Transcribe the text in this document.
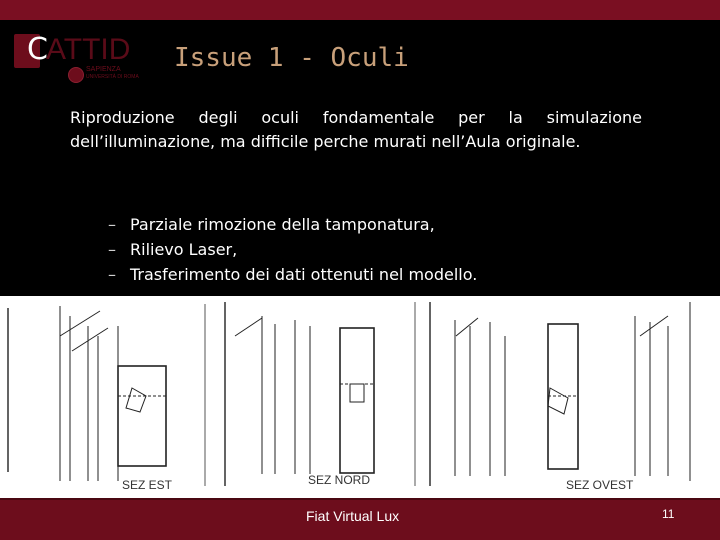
C
ATTID
SAPIENZA
UNIVERSITÀ DI ROMA
Issue 1 - Oculi

Riproduzione degli oculi fondamentale per la simulazione dell’illuminazione, ma difficile perche murati nell’Aula originale.

– Parziale rimozione della tamponatura,
– Rilievo Laser,
– Trasferimento dei dati ottenuti nel modello.
SEZ EST	SEZ NORD	SEZ OVEST
Fiat Virtual Lux	11
